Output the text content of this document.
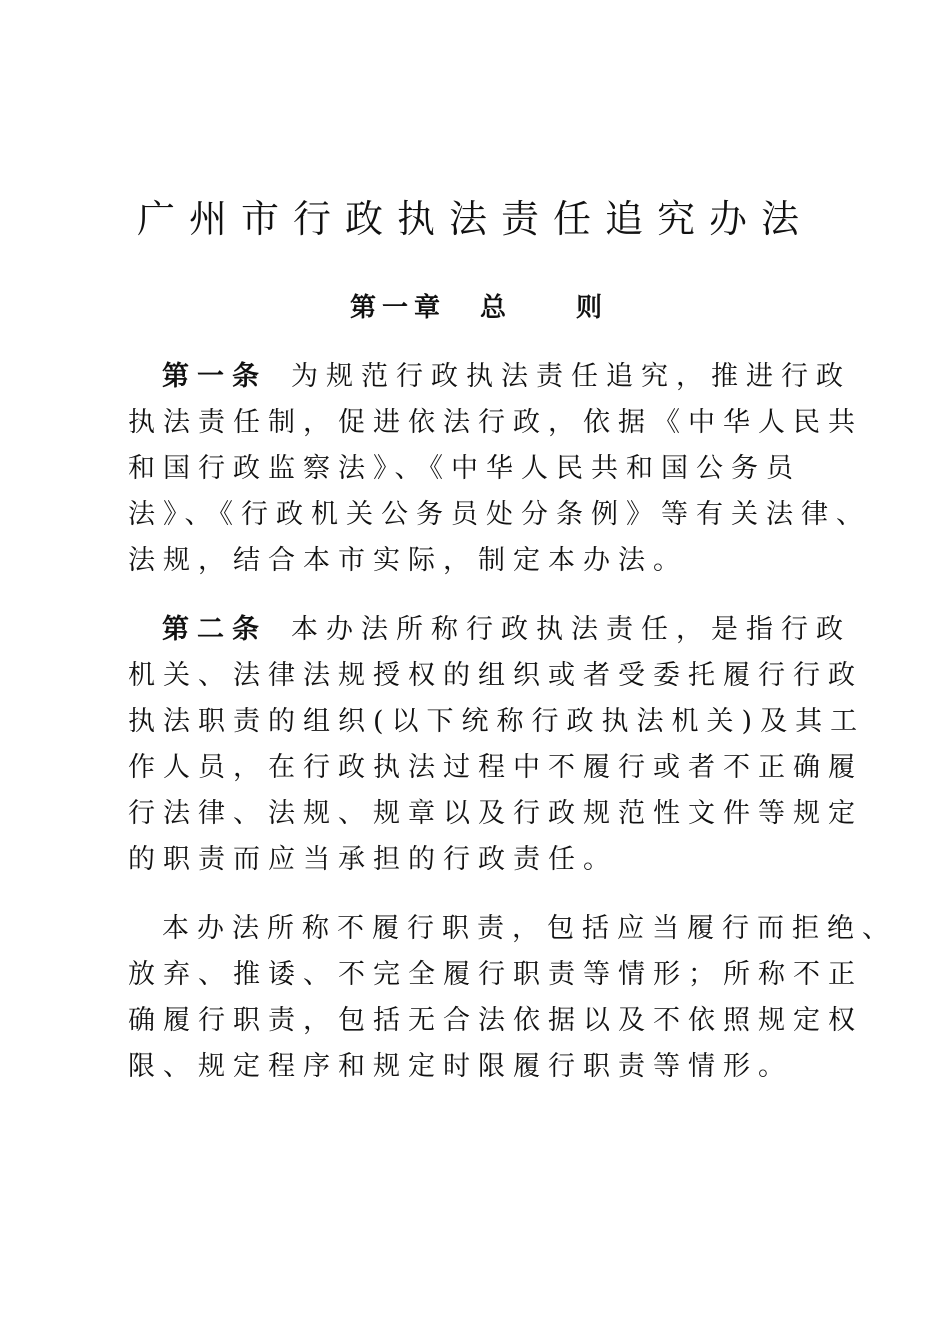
广州市行政执法责任追究办法
第一章 总	则
第一条 为规范行政执法责任追究，推进行政
执法责任制，促进依法行政，依据《中华人民共
和国行政监察法》、《中华人民共和国公务员
法》、《行政机关公务员处分条例》等有关法律、
法规，结合本市实际，制定本办法。
第二条 本办法所称行政执法责任，是指行政
机关、法律法规授权的组织或者受委托履行行政
执法职责的组织(以下统称行政执法机关)及其工
作人员，在行政执法过程中不履行或者不正确履
行法律、法规、规章以及行政规范性文件等规定
的职责而应当承担的行政责任。
本办法所称不履行职责，包括应当履行而拒绝、
放弃、推诿、不完全履行职责等情形；所称不正
确履行职责，包括无合法依据以及不依照规定权
限、规定程序和规定时限履行职责等情形。
